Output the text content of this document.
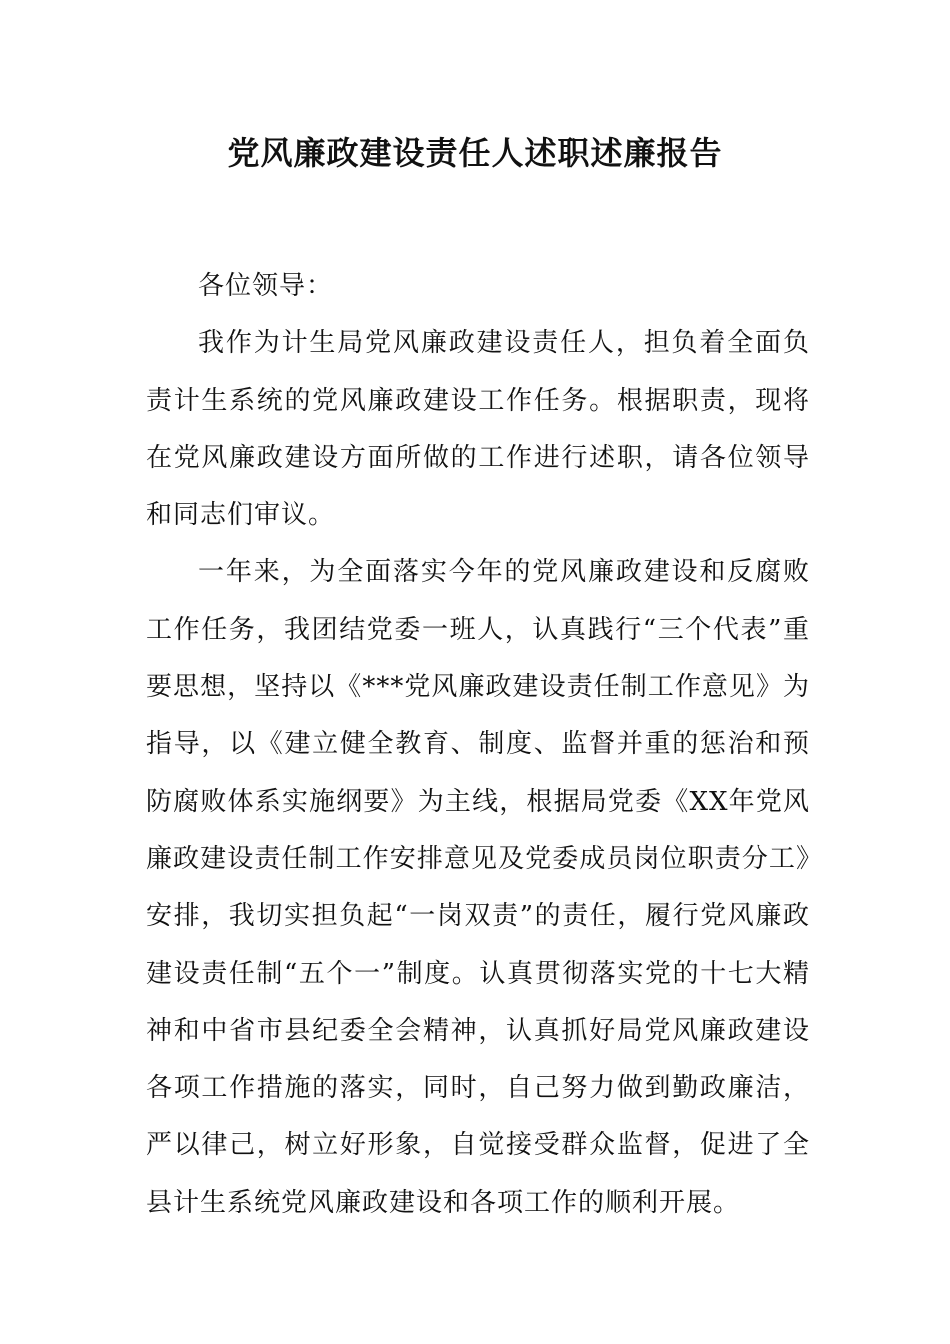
党风廉政建设责任人述职述廉报告

各位领导：

我作为计生局党风廉政建设责任人，担负着全面负责计生系统的党风廉政建设工作任务。根据职责，现将在党风廉政建设方面所做的工作进行述职，请各位领导和同志们审议。

一年来，为全面落实今年的党风廉政建设和反腐败工作任务，我团结党委一班人，认真践行“三个代表”重要思想，坚持以《***党风廉政建设责任制工作意见》为指导，以《建立健全教育、制度、监督并重的惩治和预防腐败体系实施纲要》为主线，根据局党委《XX年党风廉政建设责任制工作安排意见及党委成员岗位职责分工》安排，我切实担负起“一岗双责”的责任，履行党风廉政建设责任制“五个一”制度。认真贯彻落实党的十七大精神和中省市县纪委全会精神，认真抓好局党风廉政建设各项工作措施的落实，同时，自己努力做到勤政廉洁，严以律己，树立好形象，自觉接受群众监督，促进了全县计生系统党风廉政建设和各项工作的顺利开展。
